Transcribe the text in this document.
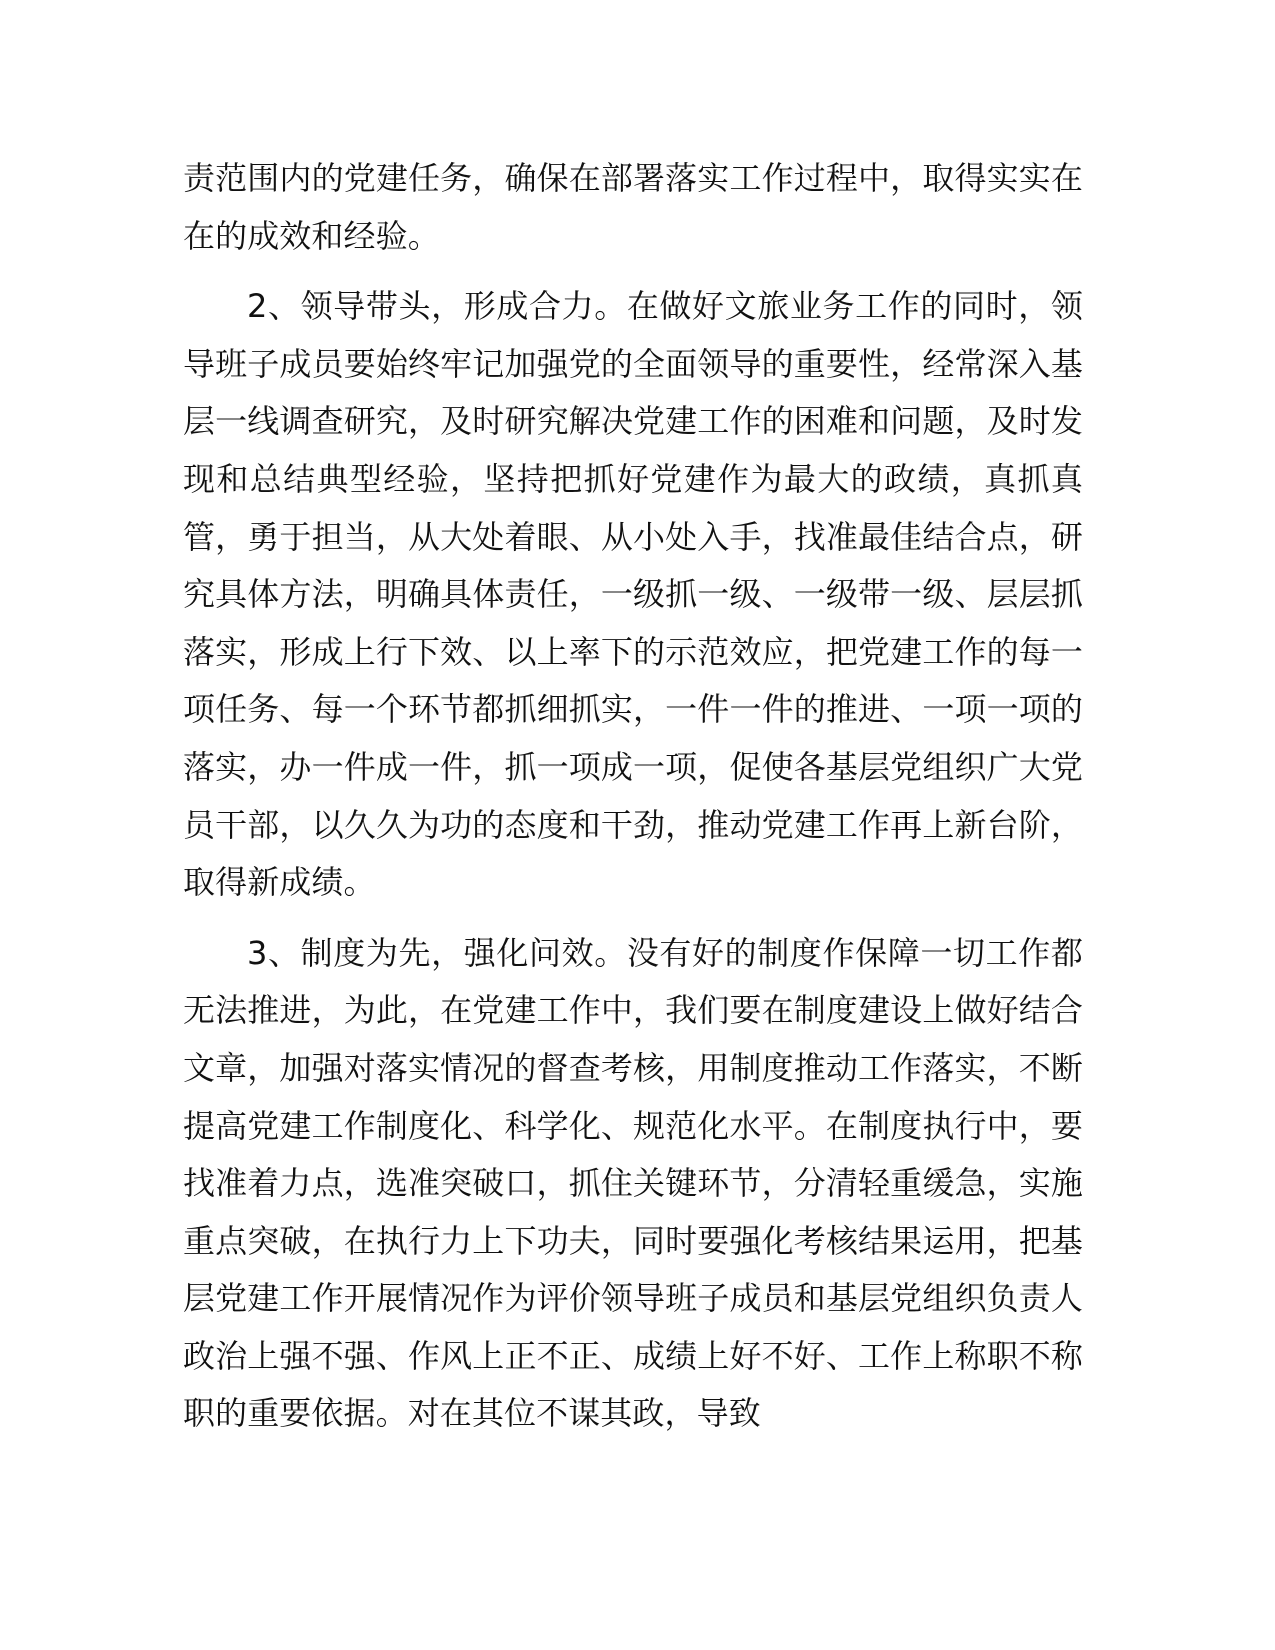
责范围内的党建任务，确保在部署落实工作过程中，取得实实在在的成效和经验。

2、领导带头，形成合力。在做好文旅业务工作的同时，领导班子成员要始终牢记加强党的全面领导的重要性，经常深入基层一线调查研究，及时研究解决党建工作的困难和问题，及时发现和总结典型经验，坚持把抓好党建作为最大的政绩，真抓真管，勇于担当，从大处着眼、从小处入手，找准最佳结合点，研究具体方法，明确具体责任，一级抓一级、一级带一级、层层抓落实，形成上行下效、以上率下的示范效应，把党建工作的每一项任务、每一个环节都抓细抓实，一件一件的推进、一项一项的落实，办一件成一件，抓一项成一项，促使各基层党组织广大党员干部，以久久为功的态度和干劲，推动党建工作再上新台阶，取得新成绩。

3、制度为先，强化问效。没有好的制度作保障一切工作都无法推进，为此，在党建工作中，我们要在制度建设上做好结合文章，加强对落实情况的督查考核，用制度推动工作落实，不断提高党建工作制度化、科学化、规范化水平。在制度执行中，要找准着力点，选准突破口，抓住关键环节，分清轻重缓急，实施重点突破，在执行力上下功夫，同时要强化考核结果运用，把基层党建工作开展情况作为评价领导班子成员和基层党组织负责人政治上强不强、作风上正不正、成绩上好不好、工作上称职不称职的重要依据。对在其位不谋其政，导致
